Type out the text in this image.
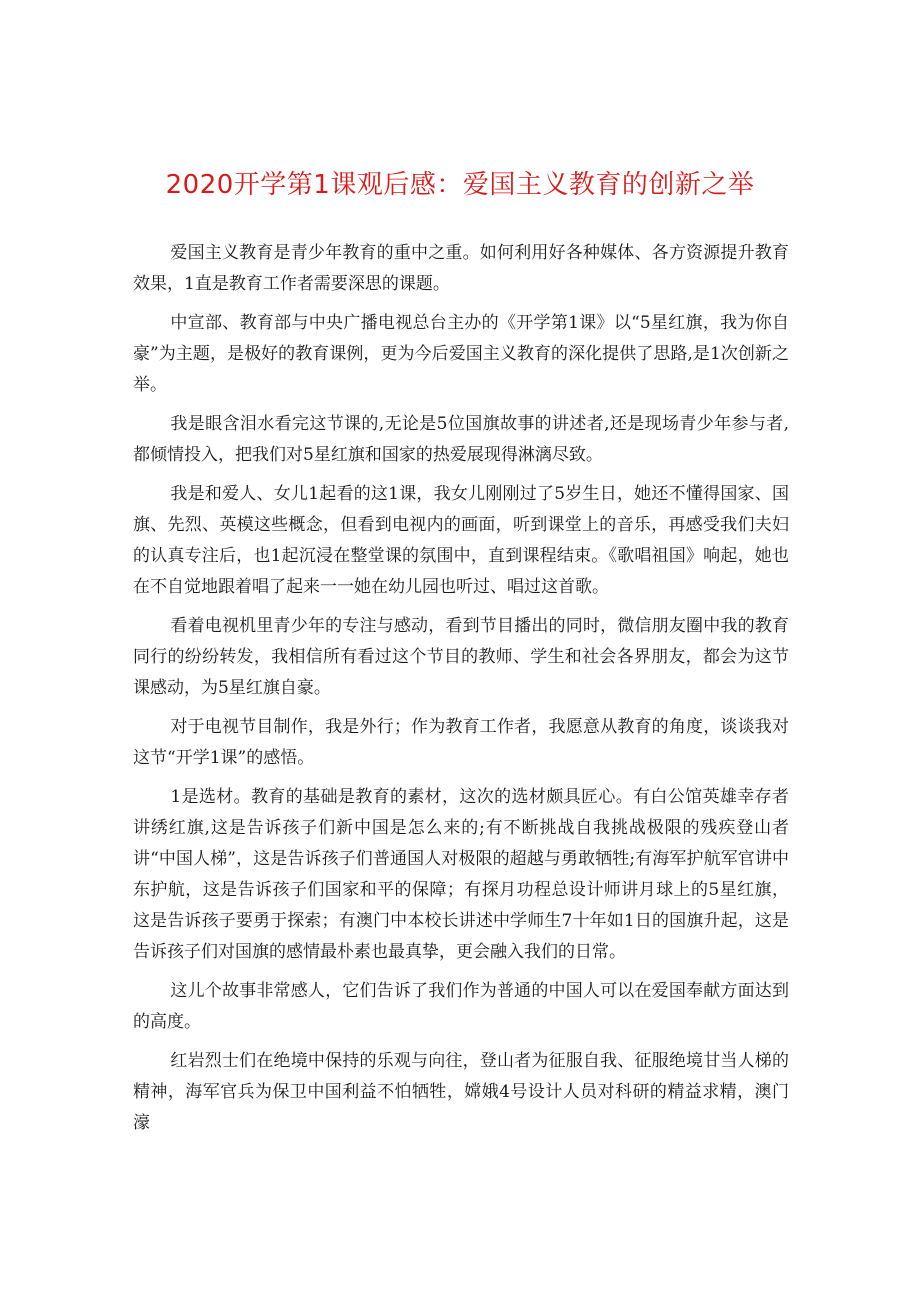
2020开学第1课观后感：爱国主义教育的创新之举

爱国主义教育是青少年教育的重中之重。如何利用好各种媒体、各方资源提升教育效果，1直是教育工作者需要深思的课题。

中宣部、教育部与中央广播电视总台主办的《开学第1课》以“5星红旗，我为你自豪”为主题，是极好的教育课例，更为今后爱国主义教育的深化提供了思路,是1次创新之举。

我是眼含泪水看完这节课的,无论是5位国旗故事的讲述者,还是现场青少年参与者,都倾情投入，把我们对5星红旗和国家的热爱展现得淋漓尽致。

我是和爱人、女儿1起看的这1课，我女儿刚刚过了5岁生日，她还不懂得国家、国旗、先烈、英模这些概念，但看到电视内的画面，听到课堂上的音乐，再感受我们夫妇的认真专注后，也1起沉浸在整堂课的氛围中，直到课程结束。《歌唱祖国》响起，她也在不自觉地跟着唱了起来一一她在幼儿园也听过、唱过这首歌。

看着电视机里青少年的专注与感动，看到节目播出的同时，微信朋友圈中我的教育同行的纷纷转发，我相信所有看过这个节目的教师、学生和社会各界朋友，都会为这节课感动，为5星红旗自豪。

对于电视节目制作，我是外行；作为教育工作者，我愿意从教育的角度，谈谈我对这节“开学1课”的感悟。

1是选材。教育的基础是教育的素材，这次的选材颇具匠心。有白公馆英雄幸存者讲绣红旗,这是告诉孩子们新中国是怎么来的;有不断挑战自我挑战极限的残疾登山者讲“中国人梯”，这是告诉孩子们普通国人对极限的超越与勇敢牺牲;有海军护航军官讲中东护航，这是告诉孩子们国家和平的保障；有探月功程总设计师讲月球上的5星红旗，这是告诉孩子要勇于探索；有澳门中本校长讲述中学师生7十年如1日的国旗升起，这是告诉孩子们对国旗的感情最朴素也最真挚，更会融入我们的日常。

这儿个故事非常感人，它们告诉了我们作为普通的中国人可以在爱国奉献方面达到的高度。

红岩烈士们在绝境中保持的乐观与向往，登山者为征服自我、征服绝境甘当人梯的精神，海军官兵为保卫中国利益不怕牺牲，嫦娥4号设计人员对科研的精益求精，澳门濠
